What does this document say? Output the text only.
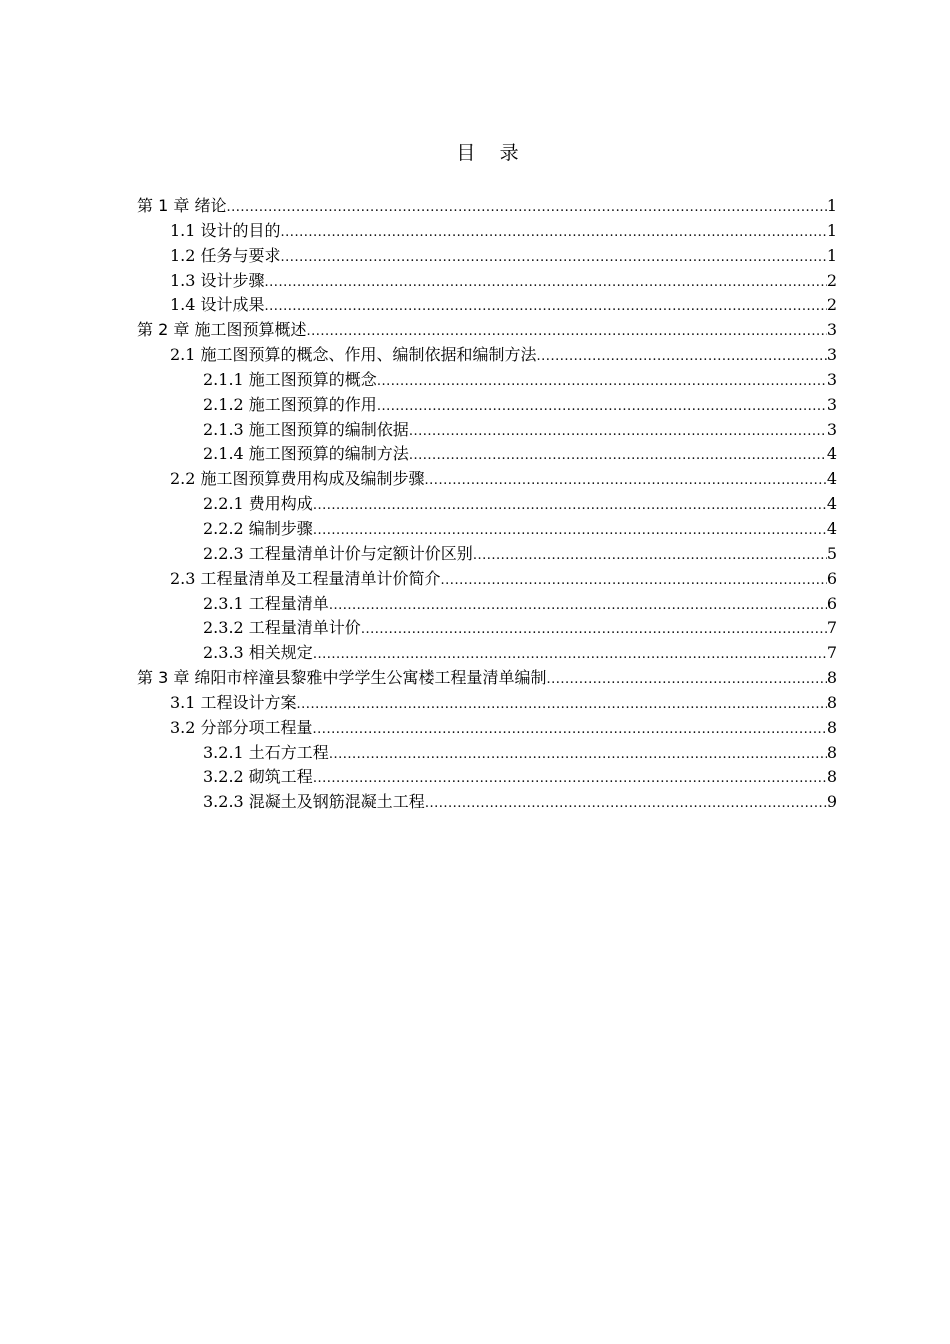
目    录
第 1 章 绪论 .....	1
1.1 设计的目的 .....	1
1.2 任务与要求 .....	1
1.3 设计步骤 .....	2
1.4 设计成果 .....	2
第 2 章 施工图预算概述 .....	3
2.1 施工图预算的概念、作用、编制依据和编制方法 .....	3
2.1.1 施工图预算的概念 .....	3
2.1.2 施工图预算的作用 .....	3
2.1.3 施工图预算的编制依据 .....	3
2.1.4 施工图预算的编制方法 .....	4
2.2 施工图预算费用构成及编制步骤 .....	4
2.2.1 费用构成 .....	4
2.2.2 编制步骤 .....	4
2.2.3 工程量清单计价与定额计价区别 .....	5
2.3 工程量清单及工程量清单计价简介 .....	6
2.3.1 工程量清单 .....	6
2.3.2 工程量清单计价 .....	7
2.3.3 相关规定 .....	7
第 3 章 绵阳市梓潼县黎雅中学学生公寓楼工程量清单编制 .....	8
3.1 工程设计方案 .....	8
3.2 分部分项工程量 .....	8
3.2.1 土石方工程 .....	8
3.2.2 砌筑工程 .....	8
3.2.3 混凝土及钢筋混凝土工程 .....	9
